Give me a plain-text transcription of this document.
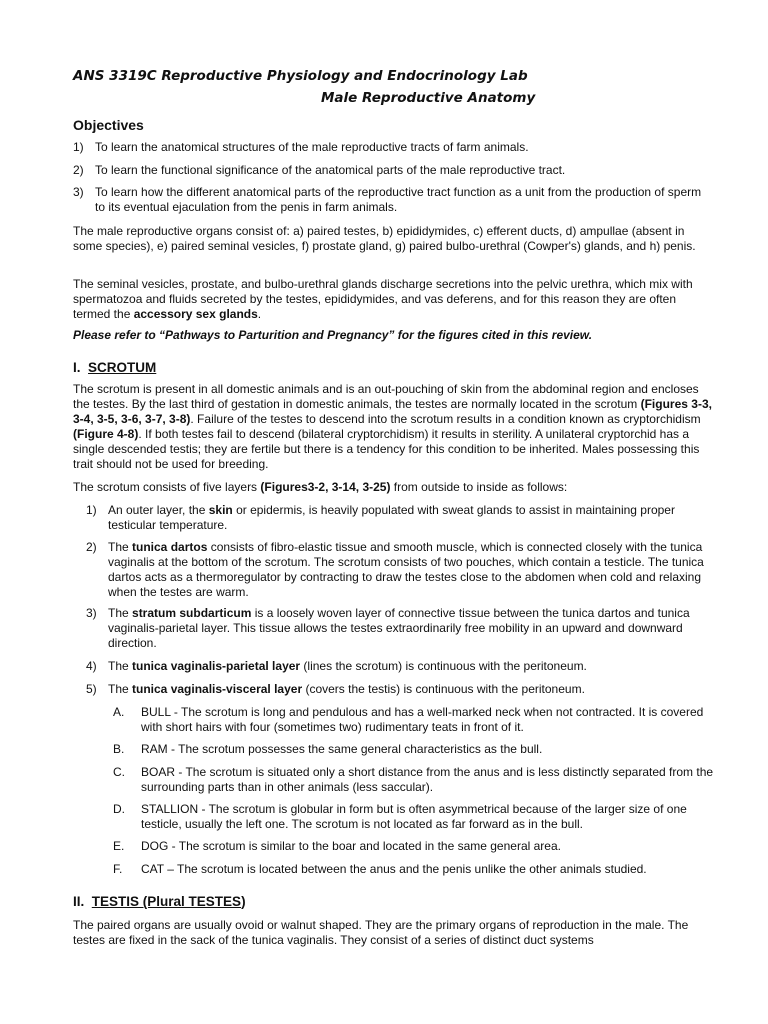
ANS 3319C Reproductive Physiology and Endocrinology Lab
Male Reproductive Anatomy
Objectives
1) To learn the anatomical structures of the male reproductive tracts of farm animals.
2) To learn the functional significance of the anatomical parts of the male reproductive tract.
3) To learn how the different anatomical parts of the reproductive tract function as a unit from the production of sperm to its eventual ejaculation from the penis in farm animals.
The male reproductive organs consist of: a) paired testes, b) epididymides, c) efferent ducts, d) ampullae (absent in some species), e) paired seminal vesicles, f) prostate gland, g) paired bulbo-urethral (Cowper's) glands, and h) penis.
The seminal vesicles, prostate, and bulbo-urethral glands discharge secretions into the pelvic urethra, which mix with spermatozoa and fluids secreted by the testes, epididymides, and vas deferens, and for this reason they are often termed the accessory sex glands.
Please refer to “Pathways to Parturition and Pregnancy” for the figures cited in this review.
I. SCROTUM
The scrotum is present in all domestic animals and is an out-pouching of skin from the abdominal region and encloses the testes. By the last third of gestation in domestic animals, the testes are normally located in the scrotum (Figures 3-3, 3-4, 3-5, 3-6, 3-7, 3-8). Failure of the testes to descend into the scrotum results in a condition known as cryptorchidism (Figure 4-8). If both testes fail to descend (bilateral cryptorchidism) it results in sterility. A unilateral cryptorchid has a single descended testis; they are fertile but there is a tendency for this condition to be inherited. Males possessing this trait should not be used for breeding.
The scrotum consists of five layers (Figures3-2, 3-14, 3-25) from outside to inside as follows:
1) An outer layer, the skin or epidermis, is heavily populated with sweat glands to assist in maintaining proper testicular temperature.
2) The tunica dartos consists of fibro-elastic tissue and smooth muscle, which is connected closely with the tunica vaginalis at the bottom of the scrotum. The scrotum consists of two pouches, which contain a testicle. The tunica dartos acts as a thermoregulator by contracting to draw the testes close to the abdomen when cold and relaxing when the testes are warm.
3) The stratum subdarticum is a loosely woven layer of connective tissue between the tunica dartos and tunica vaginalis-parietal layer. This tissue allows the testes extraordinarily free mobility in an upward and downward direction.
4) The tunica vaginalis-parietal layer (lines the scrotum) is continuous with the peritoneum.
5) The tunica vaginalis-visceral layer (covers the testis) is continuous with the peritoneum.
A.	BULL - The scrotum is long and pendulous and has a well-marked neck when not contracted. It is covered with short hairs with four (sometimes two) rudimentary teats in front of it.
B.	RAM - The scrotum possesses the same general characteristics as the bull.
C.	BOAR - The scrotum is situated only a short distance from the anus and is less distinctly separated from the surrounding parts than in other animals (less saccular).
D.	STALLION - The scrotum is globular in form but is often asymmetrical because of the larger size of one testicle, usually the left one. The scrotum is not located as far forward as in the bull.
E.	DOG - The scrotum is similar to the boar and located in the same general area.
F.	CAT – The scrotum is located between the anus and the penis unlike the other animals studied.
II. TESTIS (Plural TESTES)
The paired organs are usually ovoid or walnut shaped. They are the primary organs of reproduction in the male. The testes are fixed in the sack of the tunica vaginalis. They consist of a series of distinct duct systems
